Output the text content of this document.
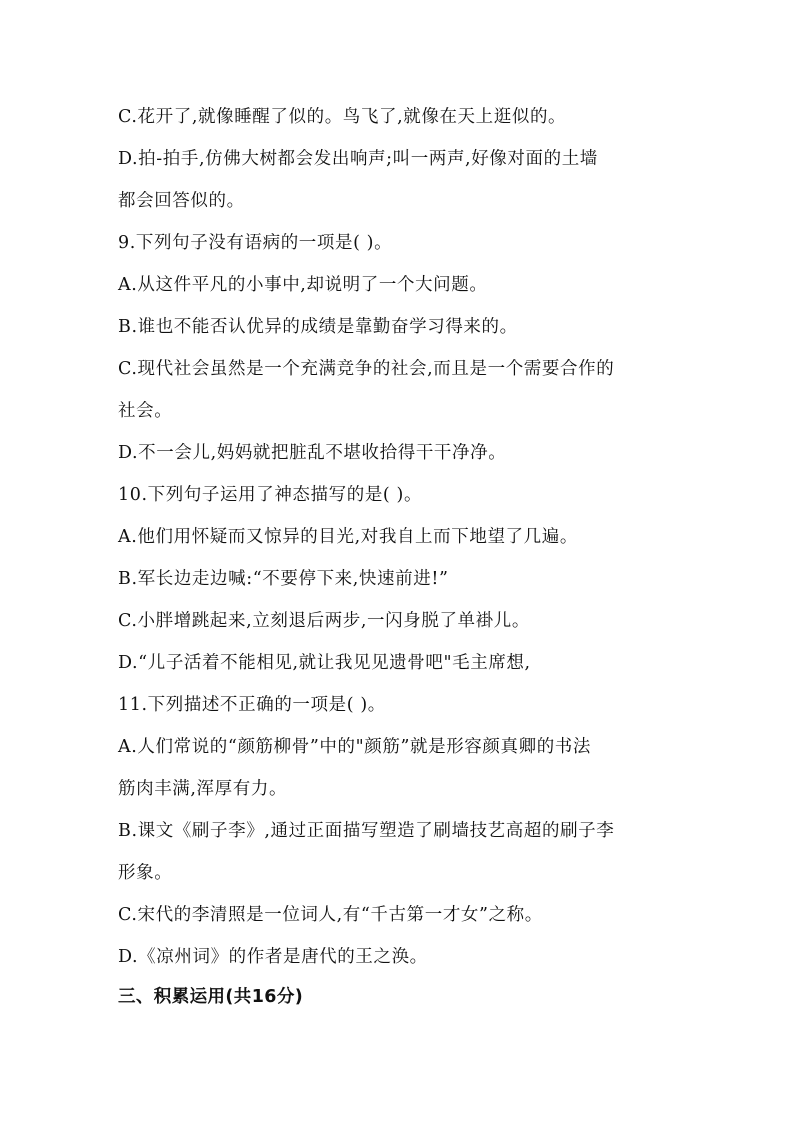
C.花开了,就像睡醒了似的。鸟飞了,就像在天上逛似的。
D.拍-拍手,仿佛大树都会发出响声;叫一两声,好像对面的土墙
都会回答似的。
9.下列句子没有语病的一项是( )。
A.从这件平凡的小事中,却说明了一个大问题。
B.谁也不能否认优异的成绩是靠勤奋学习得来的。
C.现代社会虽然是一个充满竞争的社会,而且是一个需要合作的
社会。
D.不一会儿,妈妈就把脏乱不堪收拾得干干净净。
10.下列句子运用了神态描写的是( )。
A.他们用怀疑而又惊异的目光,对我自上而下地望了几遍。
B.军长边走边喊:“不要停下来,快速前进!”
C.小胖增跳起来,立刻退后两步,一闪身脱了单褂儿。
D.“儿子活着不能相见,就让我见见遗骨吧"毛主席想,
11.下列描述不正确的一项是( )。
A.人们常说的“颜筋柳骨”中的"颜筋”就是形容颜真卿的书法
筋肉丰满,浑厚有力。
B.课文《刷子李》,通过正面描写塑造了刷墙技艺高超的刷子李
形象。
C.宋代的李清照是一位词人,有“千古第一才女”之称。
D.《凉州词》的作者是唐代的王之涣。
三、积累运用(共16分)
